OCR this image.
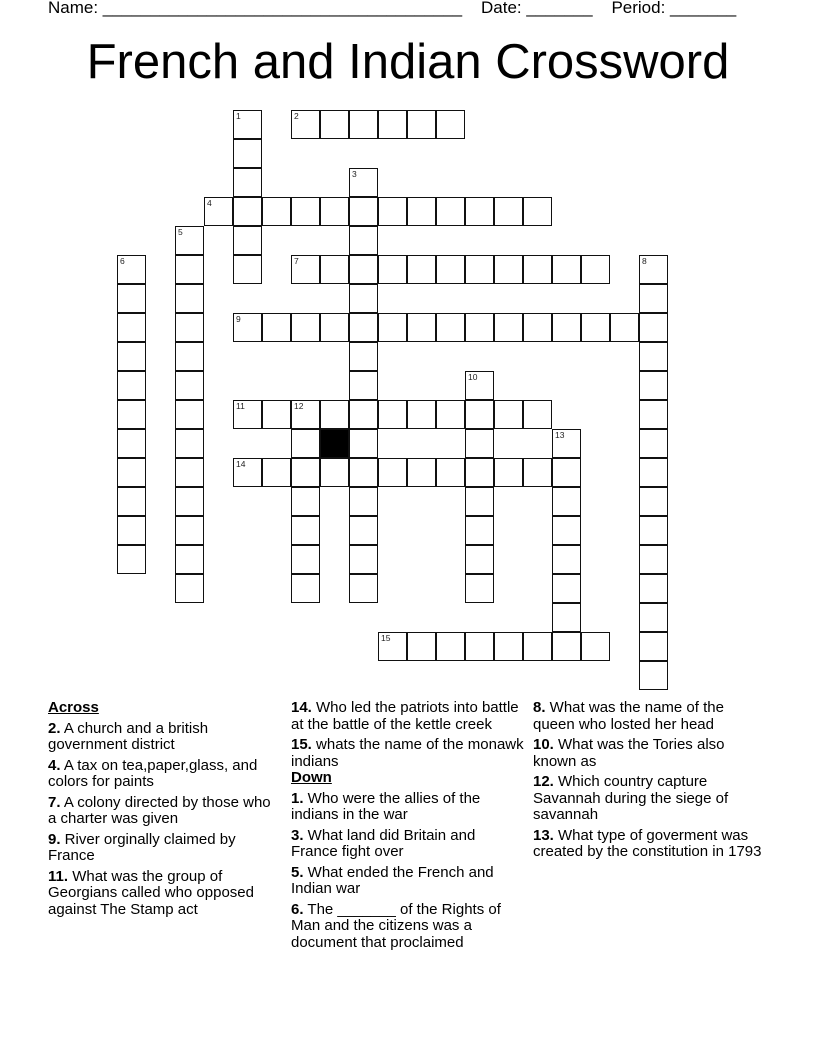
Name: ______________________________________ Date: _______ Period: _______
French and Indian Crossword
1	2
3
4
5
6	7	8
9
10
11	12
13
14
15
Across
2. A church and a british government district
4. A tax on tea,paper,glass, and colors for paints
7. A colony directed by those who a charter was given
9. River orginally claimed by France
11. What was the group of Georgians called who opposed against The Stamp act
14. Who led the patriots into battle at the battle of the kettle creek
15. whats the name of the monawk indians
Down
1. Who were the allies of the indians in the war
3. What land did Britain and France fight over
5. What ended the French and Indian war
6. The _______ of the Rights of Man and the citizens was a document that proclaimed
8. What was the name of the queen who losted her head
10. What was the Tories also known as
12. Which country capture Savannah during the siege of savannah
13. What type of goverment was created by the constitution in 1793
